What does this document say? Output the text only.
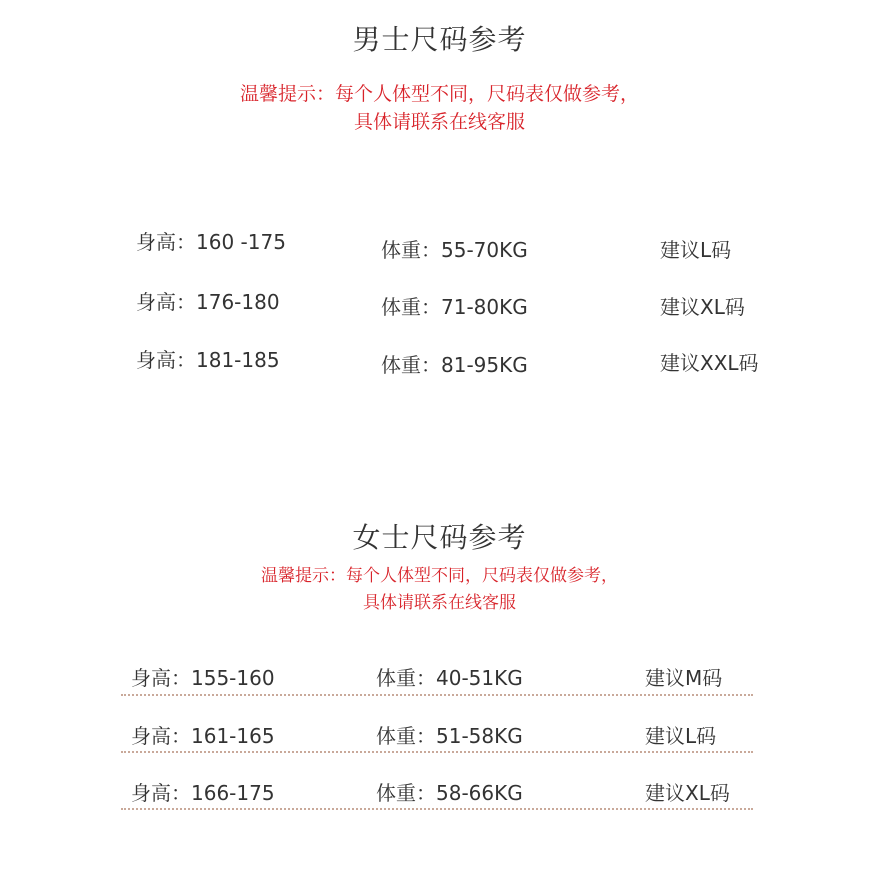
男士尺码参考
温馨提示：每个人体型不同，尺码表仅做参考，
具体请联系在线客服
身高：160 -175	体重：55-70KG	建议L码
身高：176-180	体重：71-80KG	建议XL码
身高：181-185	体重：81-95KG	建议XXL码
女士尺码参考
温馨提示：每个人体型不同，尺码表仅做参考，
具体请联系在线客服
身高：155-160	体重：40-51KG	建议M码
身高：161-165	体重：51-58KG	建议L码
身高：166-175	体重：58-66KG	建议XL码
